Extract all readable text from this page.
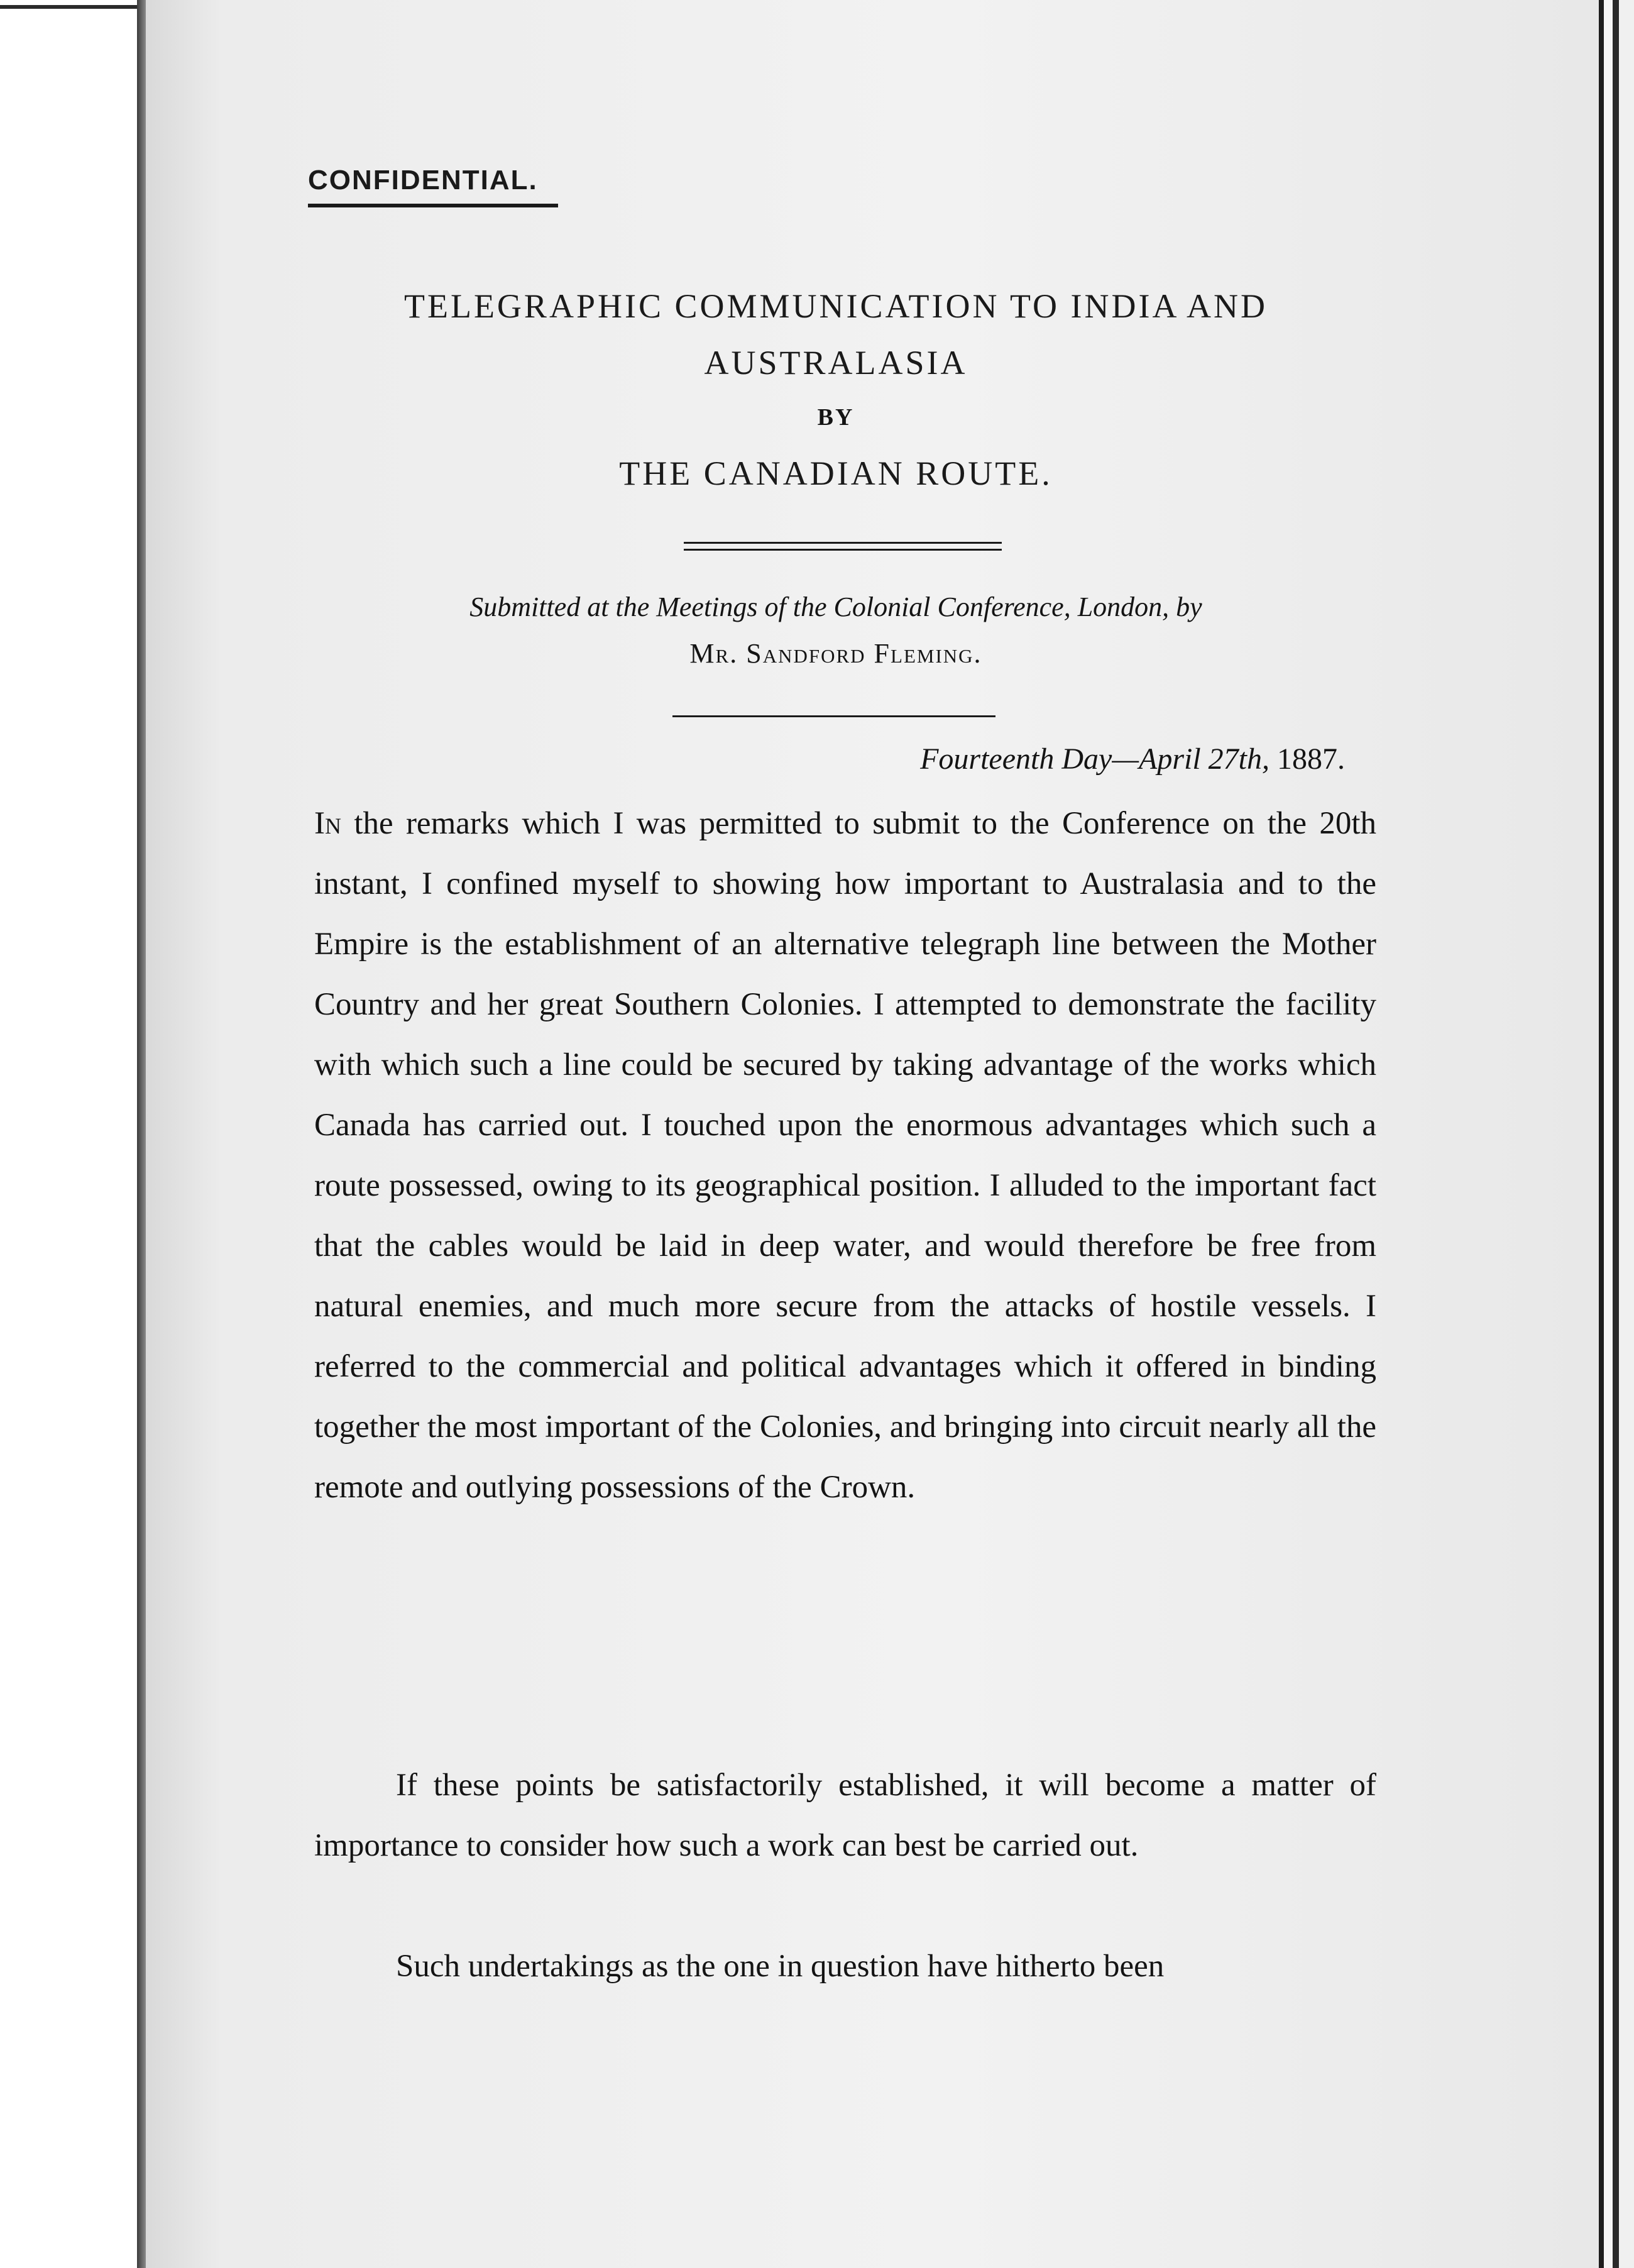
CONFIDENTIAL.
TELEGRAPHIC COMMUNICATION TO INDIA AND
AUSTRALASIA
BY
THE CANADIAN ROUTE.
Submitted at the Meetings of the Colonial Conference, London, by
Mr. Sandford Fleming.
Fourteenth Day—April 27th, 1887.

In the remarks which I was permitted to submit to the Conference on the 20th instant, I confined myself to showing how important to Australasia and to the Empire is the establishment of an alternative telegraph line between the Mother Country and her great Southern Colonies. I attempted to demonstrate the facility with which such a line could be secured by taking advantage of the works which Canada has carried out. I touched upon the enormous advantages which such a route possessed, owing to its geographical position. I alluded to the important fact that the cables would be laid in deep water, and would therefore be free from natural enemies, and much more secure from the attacks of hostile vessels. I referred to the commercial and political advantages which it offered in binding together the most important of the Colonies, and bringing into circuit nearly all the remote and outlying possessions of the Crown.

If these points be satisfactorily established, it will become a matter of importance to consider how such a work can best be carried out.

Such undertakings as the one in question have hitherto been
